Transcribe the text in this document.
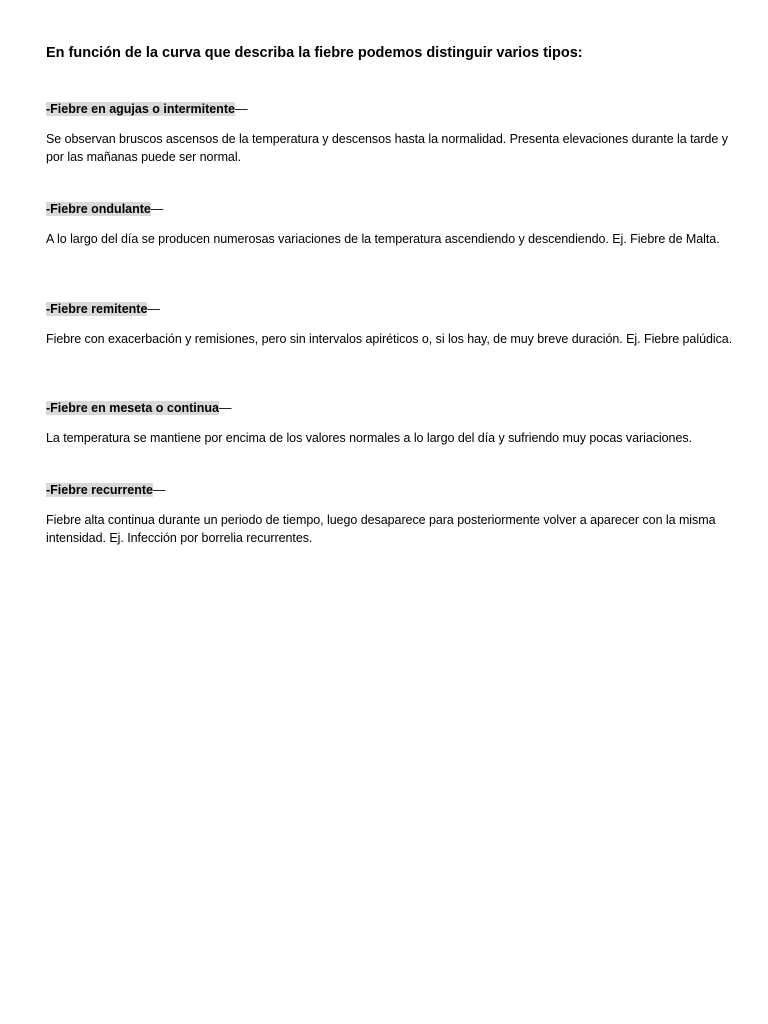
En función de la curva que describa la fiebre podemos distinguir varios tipos:

-Fiebre en agujas o intermitente—

Se observan bruscos ascensos de la temperatura y descensos hasta la normalidad. Presenta elevaciones durante la tarde y por las mañanas puede ser normal.

-Fiebre ondulante—

A lo largo del día se producen numerosas variaciones de la temperatura ascendiendo y descendiendo. Ej. Fiebre de Malta.

-Fiebre remitente—

Fiebre con exacerbación y remisiones, pero sin intervalos apiréticos o, si los hay, de muy breve duración. Ej. Fiebre palúdica.

-Fiebre en meseta o continua—

La temperatura se mantiene por encima de los valores normales a lo largo del día y sufriendo muy pocas variaciones.

-Fiebre recurrente—

Fiebre alta continua durante un periodo de tiempo, luego desaparece para posteriormente volver a aparecer con la misma intensidad. Ej. Infección por borrelia recurrentes.
